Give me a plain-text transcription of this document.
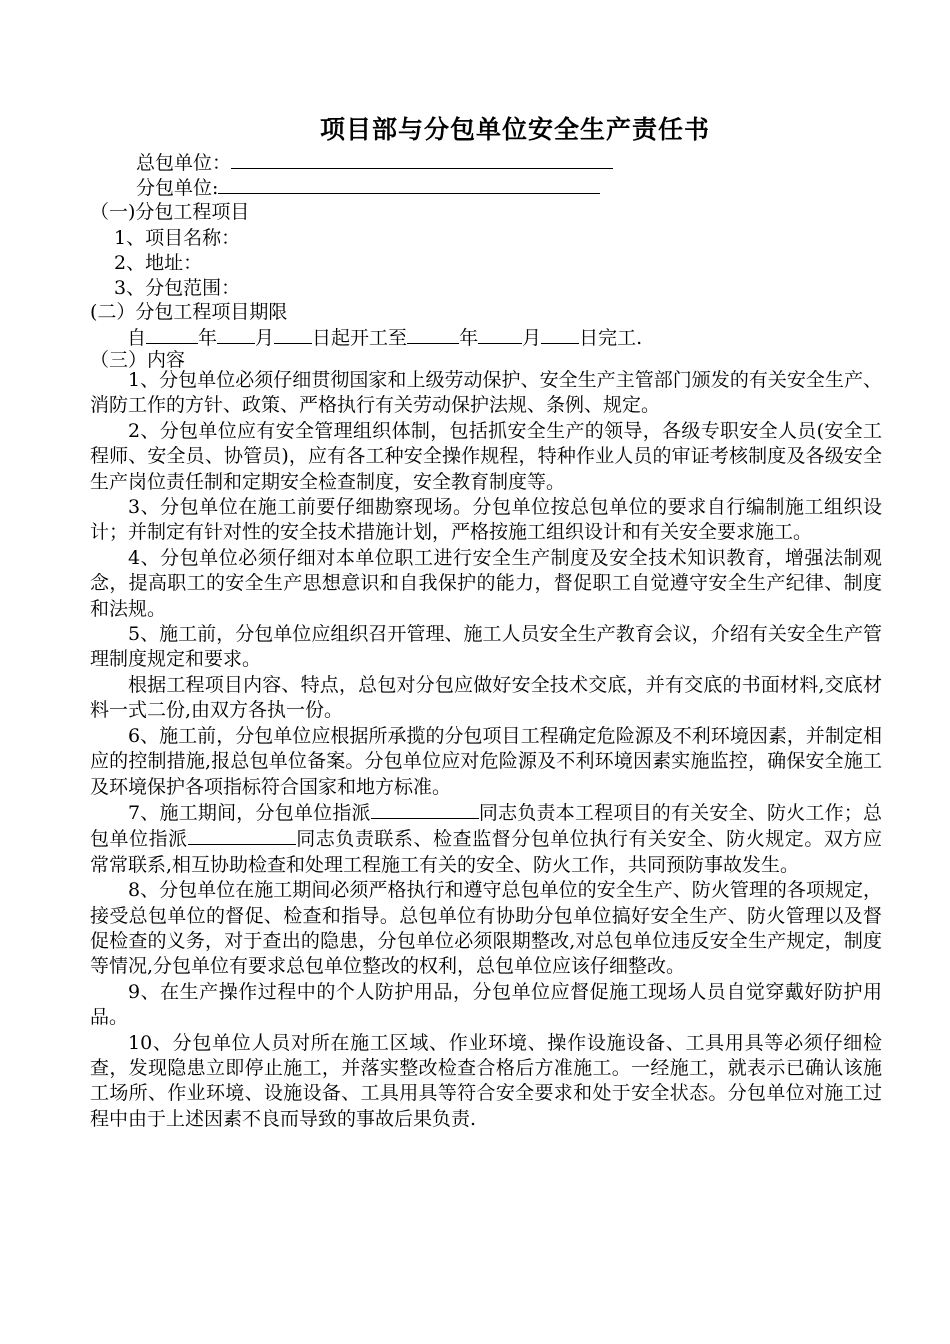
项目部与分包单位安全生产责任书
总包单位：
分包单位:
（一)分包工程项目
1、项目名称：
2、地址：
3、分包范围：
(二）分包工程项目期限
自	年 月 日起开工至	年 月 日完工.
（三）内容

1、分包单位必须仔细贯彻国家和上级劳动保护、安全生产主管部门颁发的有关安全生产、消防工作的方针、政策、严格执行有关劳动保护法规、条例、规定。

2、分包单位应有安全管理组织体制，包括抓安全生产的领导，各级专职安全人员(安全工程师、安全员、协管员)，应有各工种安全操作规程，特种作业人员的审证考核制度及各级安全生产岗位责任制和定期安全检查制度，安全教育制度等。

3、分包单位在施工前要仔细勘察现场。分包单位按总包单位的要求自行编制施工组织设计；并制定有针对性的安全技术措施计划，严格按施工组织设计和有关安全要求施工。

4、分包单位必须仔细对本单位职工进行安全生产制度及安全技术知识教育，增强法制观念，提高职工的安全生产思想意识和自我保护的能力，督促职工自觉遵守安全生产纪律、制度和法规。

5、施工前，分包单位应组织召开管理、施工人员安全生产教育会议，介绍有关安全生产管理制度规定和要求。

根据工程项目内容、特点，总包对分包应做好安全技术交底，并有交底的书面材料,交底材料一式二份,由双方各执一份。

6、施工前，分包单位应根据所承揽的分包项目工程确定危险源及不利环境因素，并制定相应的控制措施,报总包单位备案。分包单位应对危险源及不利环境因素实施监控，确保安全施工及环境保护各项指标符合国家和地方标准。

7、施工期间，分包单位指派	同志负责本工程项目的有关安全、防火工作；总包单位指派	同志负责联系、检查监督分包单位执行有关安全、防火规定。双方应常常联系,相互协助检查和处理工程施工有关的安全、防火工作，共同预防事故发生。

8、分包单位在施工期间必须严格执行和遵守总包单位的安全生产、防火管理的各项规定，接受总包单位的督促、检查和指导。总包单位有协助分包单位搞好安全生产、防火管理以及督促检查的义务，对于查出的隐患，分包单位必须限期整改,对总包单位违反安全生产规定，制度等情况,分包单位有要求总包单位整改的权利，总包单位应该仔细整改。

9、在生产操作过程中的个人防护用品，分包单位应督促施工现场人员自觉穿戴好防护用品。

10、分包单位人员对所在施工区域、作业环境、操作设施设备、工具用具等必须仔细检查，发现隐患立即停止施工，并落实整改检查合格后方准施工。一经施工，就表示已确认该施工场所、作业环境、设施设备、工具用具等符合安全要求和处于安全状态。分包单位对施工过程中由于上述因素不良而导致的事故后果负责.
